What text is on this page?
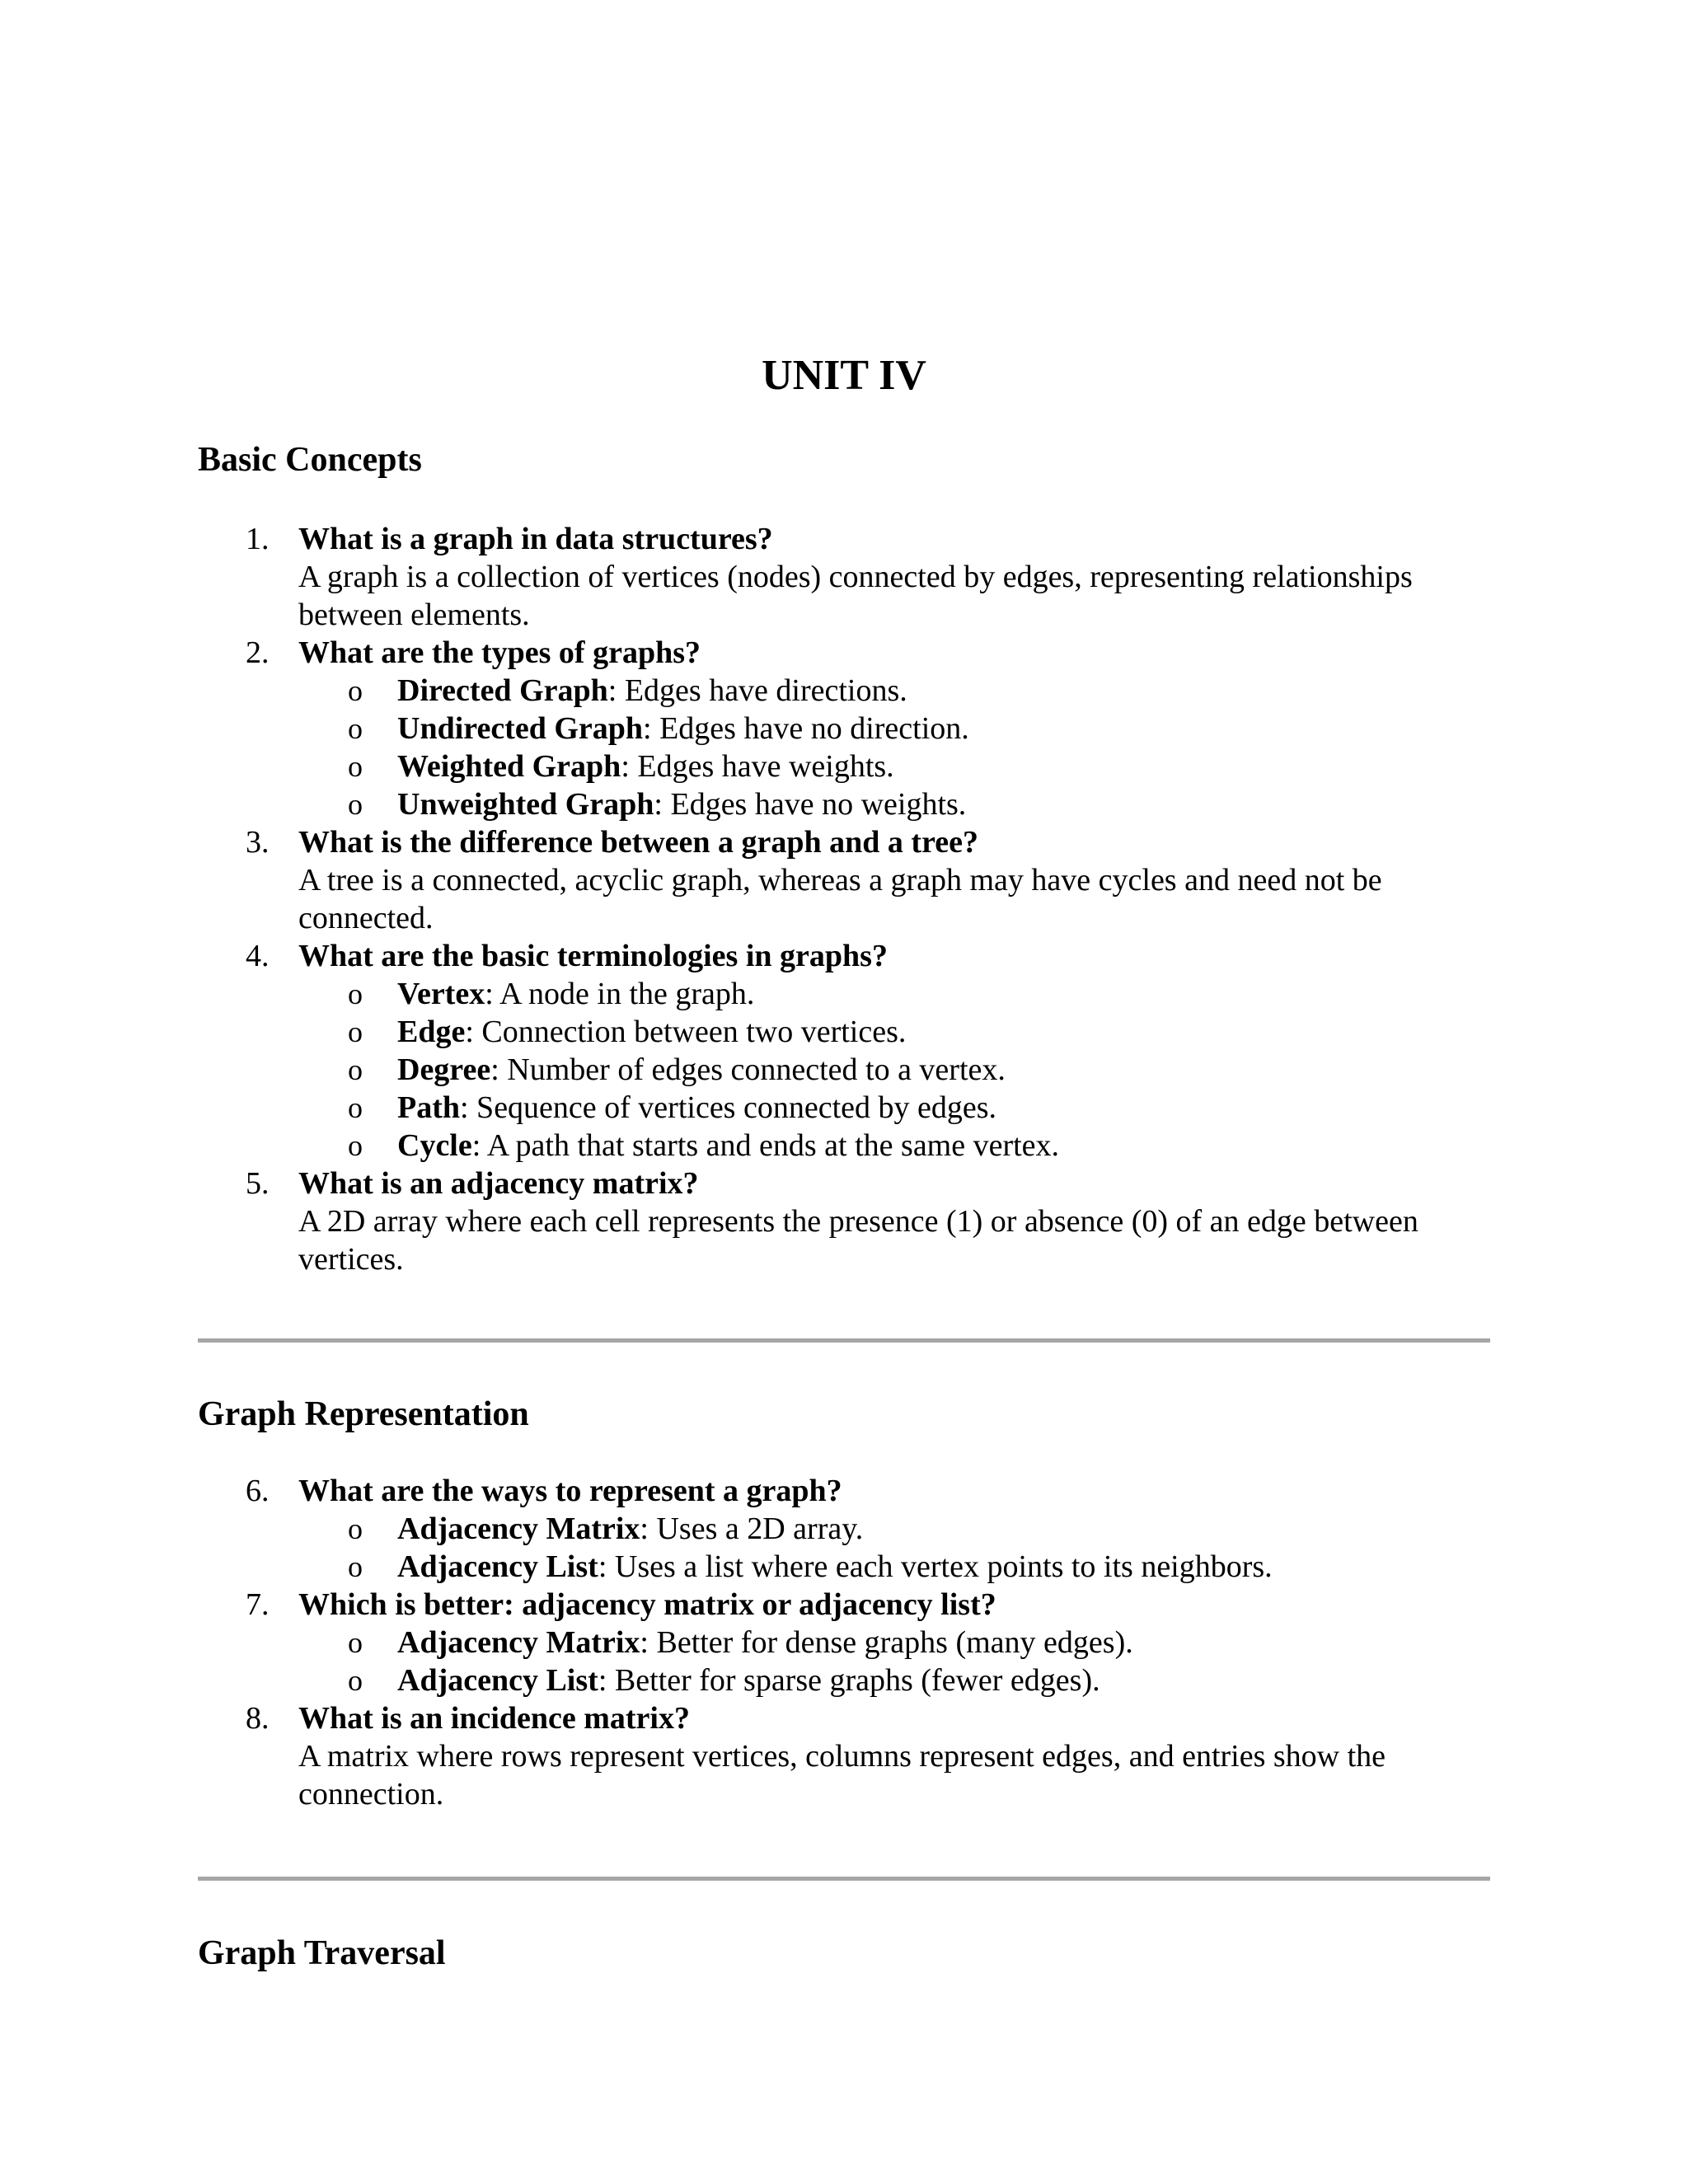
UNIT IV
Basic Concepts
1. What is a graph in data structures?
A graph is a collection of vertices (nodes) connected by edges, representing relationships between elements.
2. What are the types of graphs?
o Directed Graph: Edges have directions.
o Undirected Graph: Edges have no direction.
o Weighted Graph: Edges have weights.
o Unweighted Graph: Edges have no weights.
3. What is the difference between a graph and a tree?
A tree is a connected, acyclic graph, whereas a graph may have cycles and need not be connected.
4. What are the basic terminologies in graphs?
o Vertex: A node in the graph.
o Edge: Connection between two vertices.
o Degree: Number of edges connected to a vertex.
o Path: Sequence of vertices connected by edges.
o Cycle: A path that starts and ends at the same vertex.
5. What is an adjacency matrix?
A 2D array where each cell represents the presence (1) or absence (0) of an edge between vertices.
Graph Representation
6. What are the ways to represent a graph?
o Adjacency Matrix: Uses a 2D array.
o Adjacency List: Uses a list where each vertex points to its neighbors.
7. Which is better: adjacency matrix or adjacency list?
o Adjacency Matrix: Better for dense graphs (many edges).
o Adjacency List: Better for sparse graphs (fewer edges).
8. What is an incidence matrix?
A matrix where rows represent vertices, columns represent edges, and entries show the connection.
Graph Traversal
